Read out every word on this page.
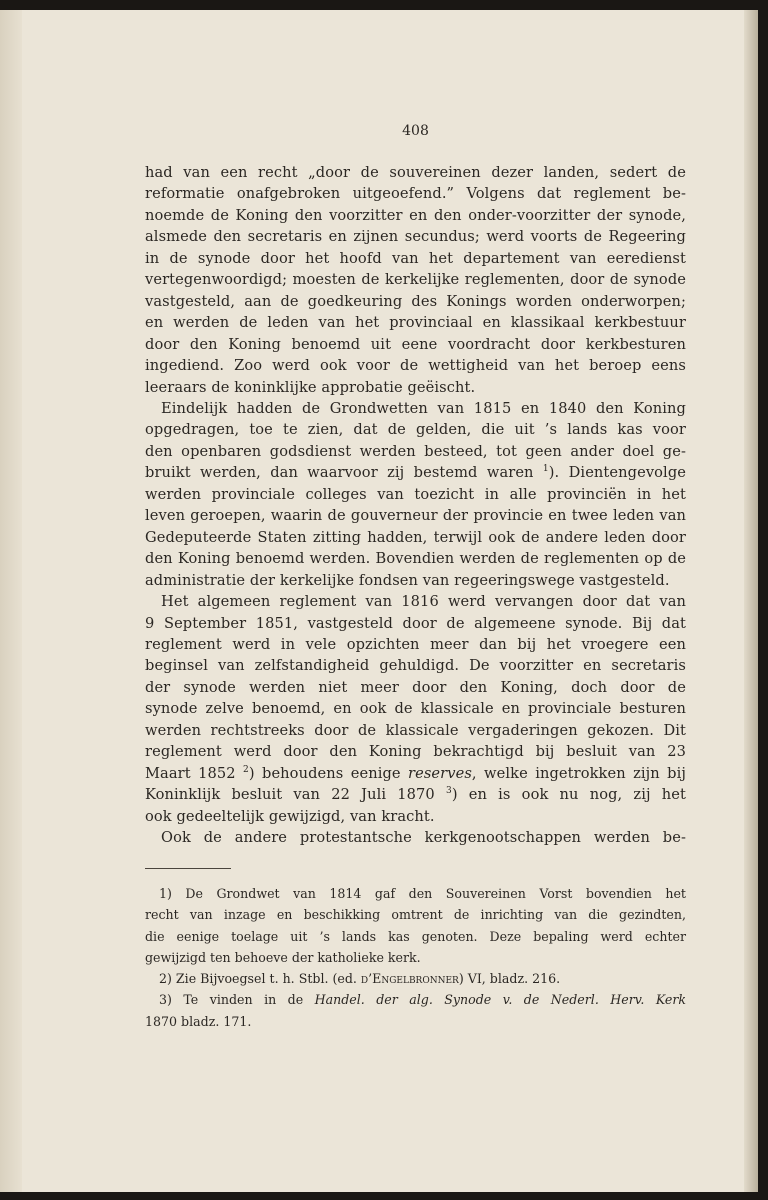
408
had van een recht „door de souvereinen dezer landen, sedert de
reformatie onafgebroken uitgeoefend.” Volgens dat reglement be-
noemde de Koning den voorzitter en den onder-voorzitter der synode,
alsmede den secretaris en zijnen secundus; werd voorts de Regeering
in de synode door het hoofd van het departement van eeredienst
vertegenwoordigd; moesten de kerkelijke reglementen, door de synode
vastgesteld, aan de goedkeuring des Konings worden onderworpen;
en werden de leden van het provinciaal en klassikaal kerkbestuur
door den Koning benoemd uit eene voordracht door kerkbesturen
ingediend. Zoo werd ook voor de wettigheid van het beroep eens
leeraars de koninklijke approbatie geëischt.
Eindelijk hadden de Grondwetten van 1815 en 1840 den Koning
opgedragen, toe te zien, dat de gelden, die uit ’s lands kas voor
den openbaren godsdienst werden besteed, tot geen ander doel ge-
bruikt werden, dan waarvoor zij bestemd waren $^1$). Dientengevolge
werden provinciale colleges van toezicht in alle provinciën in het
leven geroepen, waarin de gouverneur der provincie en twee leden van
Gedeputeerde Staten zitting hadden, terwijl ook de andere leden door
den Koning benoemd werden. Bovendien werden de reglementen op de
administratie der kerkelijke fondsen van regeeringswege vastgesteld.
Het algemeen reglement van 1816 werd vervangen door dat van
9 September 1851, vastgesteld door de algemeene synode. Bij dat
reglement werd in vele opzichten meer dan bij het vroegere een
beginsel van zelfstandigheid gehuldigd. De voorzitter en secretaris
der synode werden niet meer door den Koning, doch door de
synode zelve benoemd, en ook de klassicale en provinciale besturen
werden rechtstreeks door de klassicale vergaderingen gekozen. Dit
reglement werd door den Koning bekrachtigd bij besluit van 23
Maart 1852 $^2$) behoudens eenige reserves, welke ingetrokken zijn bij
Koninklijk besluit van 22 Juli 1870 $^3$) en is ook nu nog, zij het
ook gedeeltelijk gewijzigd, van kracht.
Ook de andere protestantsche kerkgenootschappen werden be-
1) De Grondwet van 1814 gaf den Souvereinen Vorst bovendien het
recht van inzage en beschikking omtrent de inrichting van die gezindten,
die eenige toelage uit ’s lands kas genoten. Deze bepaling werd echter
gewijzigd ten behoeve der katholieke kerk.
2) Zie Bijvoegsel t. h. Stbl. (ed. d’Engelbronner) VI, bladz. 216.
3) Te vinden in de Handel. der alg. Synode v. de Nederl. Herv. Kerk
1870 bladz. 171.
